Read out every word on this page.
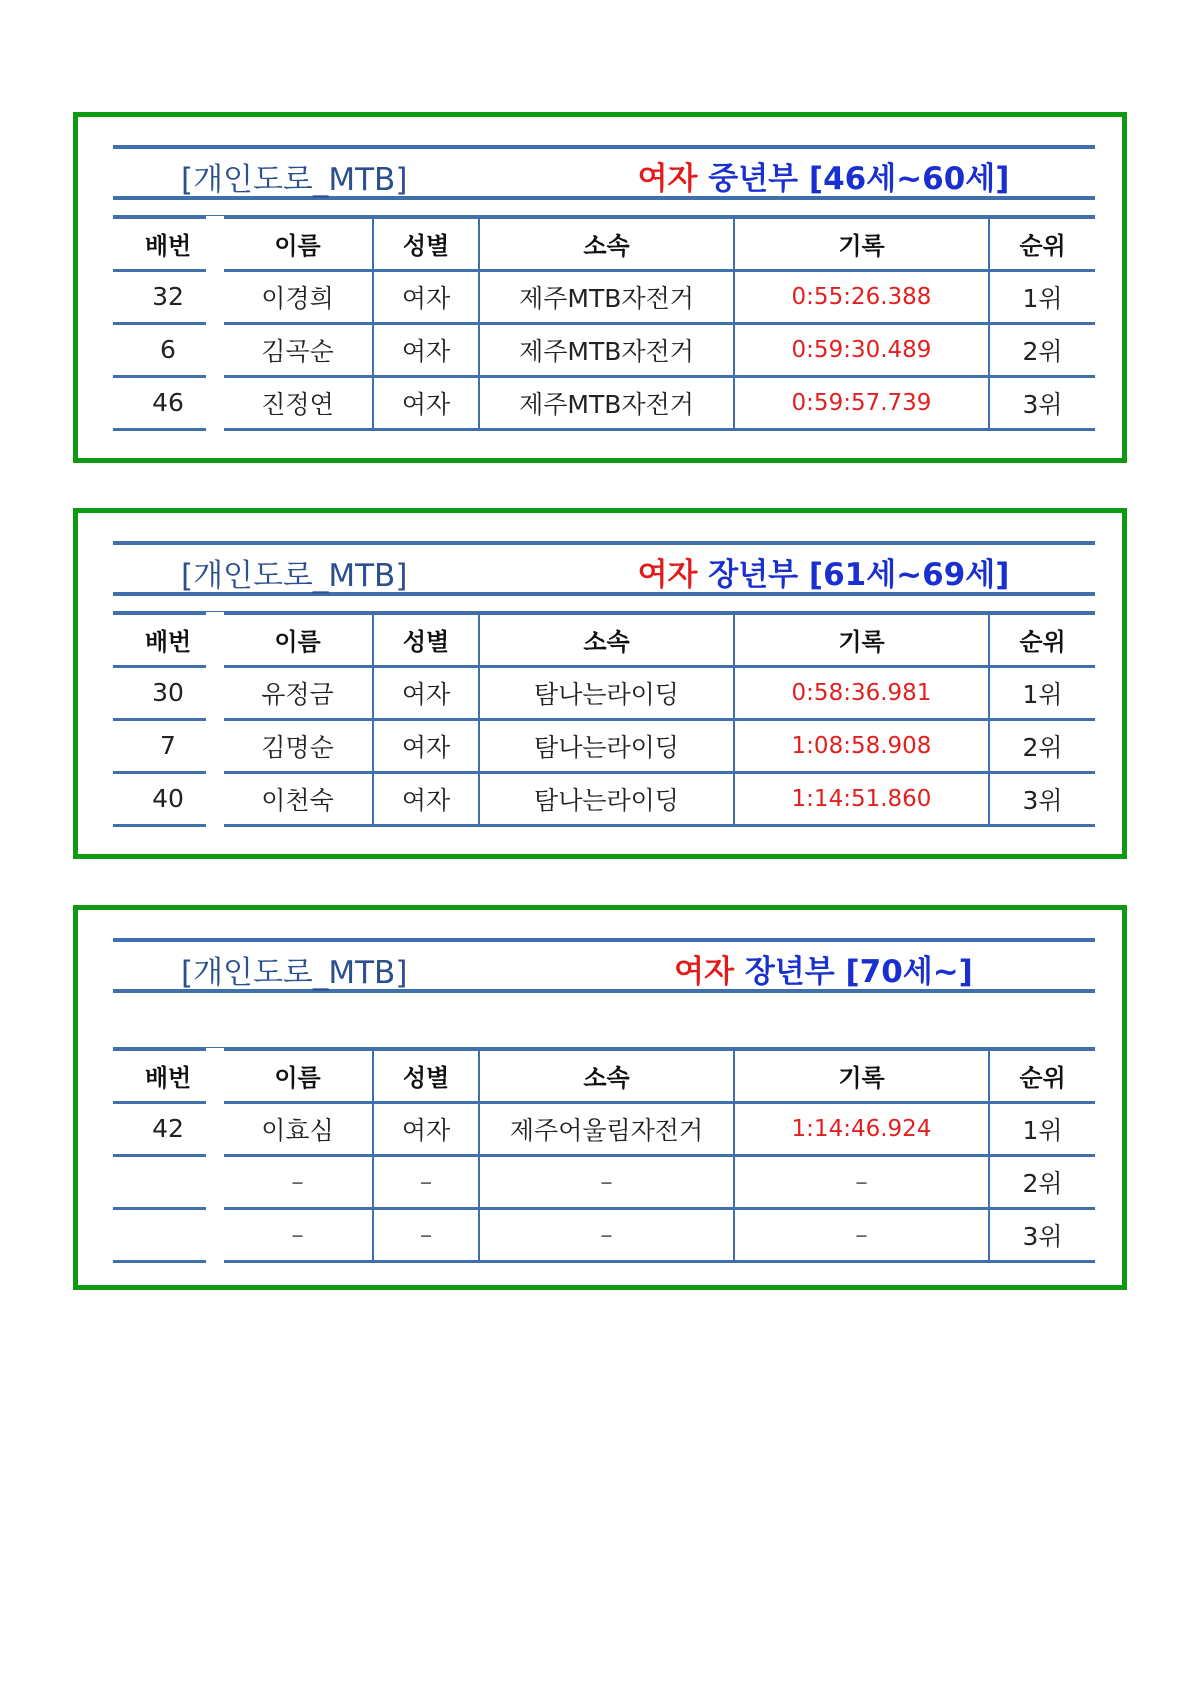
[개인도로_MTB]	여자 중년부 [46세~60세]
배번	이름	성별	소속	기록	순위
32	이경희	여자	제주MTB자전거	0:55:26.388	1위
6	김곡순	여자	제주MTB자전거	0:59:30.489	2위
46	진정연	여자	제주MTB자전거	0:59:57.739	3위
[개인도로_MTB]	여자 장년부 [61세~69세]
배번	이름	성별	소속	기록	순위
30	유정금	여자	탐나는라이딩	0:58:36.981	1위
7	김명순	여자	탐나는라이딩	1:08:58.908	2위
40	이천숙	여자	탐나는라이딩	1:14:51.860	3위
[개인도로_MTB]	여자 장년부 [70세~]
배번	이름	성별	소속	기록	순위
42	이효심	여자	제주어울림자전거	1:14:46.924	1위
	–	–	–	–	2위
	–	–	–	–	3위
